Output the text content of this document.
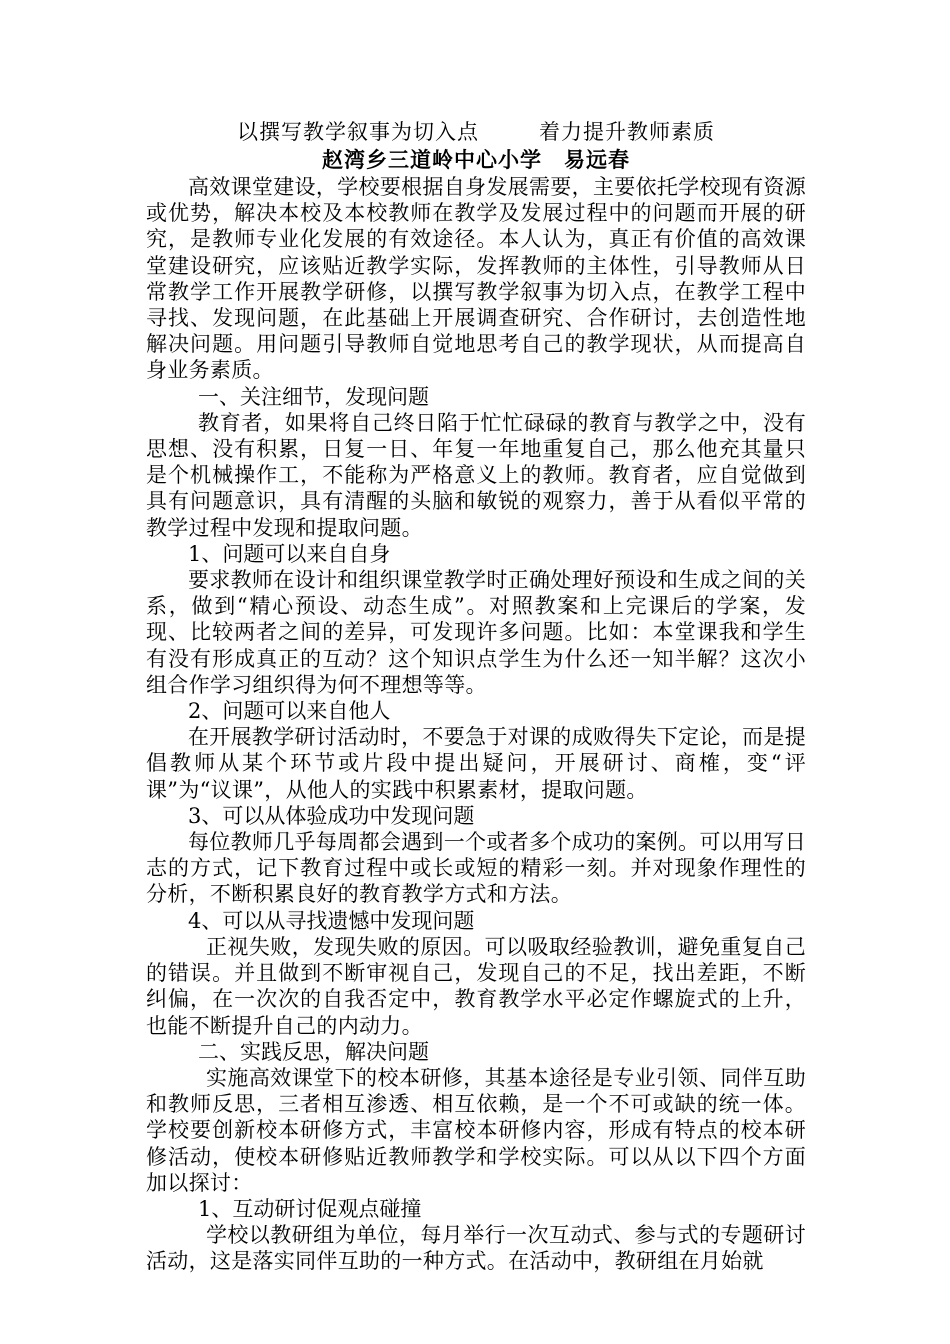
以撰写教学叙事为切入点	着力提升教师素质

赵湾乡三道岭中心小学 易远春

高效课堂建设，学校要根据自身发展需要，主要依托学校现有资源或优势，解决本校及本校教师在教学及发展过程中的问题而开展的研究，是教师专业化发展的有效途径。本人认为，真正有价值的高效课堂建设研究，应该贴近教学实际，发挥教师的主体性，引导教师从日常教学工作开展教学研修，以撰写教学叙事为切入点，在教学工程中寻找、发现问题，在此基础上开展调查研究、合作研讨，去创造性地解决问题。用问题引导教师自觉地思考自己的教学现状，从而提高自身业务素质。

一、关注细节，发现问题

教育者，如果将自己终日陷于忙忙碌碌的教育与教学之中，没有思想、没有积累，日复一日、年复一年地重复自己，那么他充其量只是个机械操作工，不能称为严格意义上的教师。教育者，应自觉做到具有问题意识，具有清醒的头脑和敏锐的观察力，善于从看似平常的教学过程中发现和提取问题。

1、问题可以来自自身

要求教师在设计和组织课堂教学时正确处理好预设和生成之间的关系，做到“精心预设、动态生成”。对照教案和上完课后的学案，发现、比较两者之间的差异，可发现许多问题。比如：本堂课我和学生有没有形成真正的互动？这个知识点学生为什么还一知半解？这次小组合作学习组织得为何不理想等等。

2、问题可以来自他人

在开展教学研讨活动时，不要急于对课的成败得失下定论，而是提倡教师从某个环节或片段中提出疑问，开展研讨、商榷，变“评课”为“议课”，从他人的实践中积累素材，提取问题。

3、可以从体验成功中发现问题

每位教师几乎每周都会遇到一个或者多个成功的案例。可以用写日志的方式，记下教育过程中或长或短的精彩一刻。并对现象作理性的分析，不断积累良好的教育教学方式和方法。

4、可以从寻找遗憾中发现问题

正视失败，发现失败的原因。可以吸取经验教训，避免重复自己的错误。并且做到不断审视自己，发现自己的不足，找出差距，不断纠偏，在一次次的自我否定中，教育教学水平必定作螺旋式的上升，也能不断提升自己的内动力。

二、实践反思，解决问题

实施高效课堂下的校本研修，其基本途径是专业引领、同伴互助和教师反思，三者相互渗透、相互依赖，是一个不可或缺的统一体。学校要创新校本研修方式，丰富校本研修内容，形成有特点的校本研修活动，使校本研修贴近教师教学和学校实际。可以从以下四个方面加以探讨：

1、互动研讨促观点碰撞

学校以教研组为单位，每月举行一次互动式、参与式的专题研讨活动，这是落实同伴互助的一种方式。在活动中，教研组在月始就
